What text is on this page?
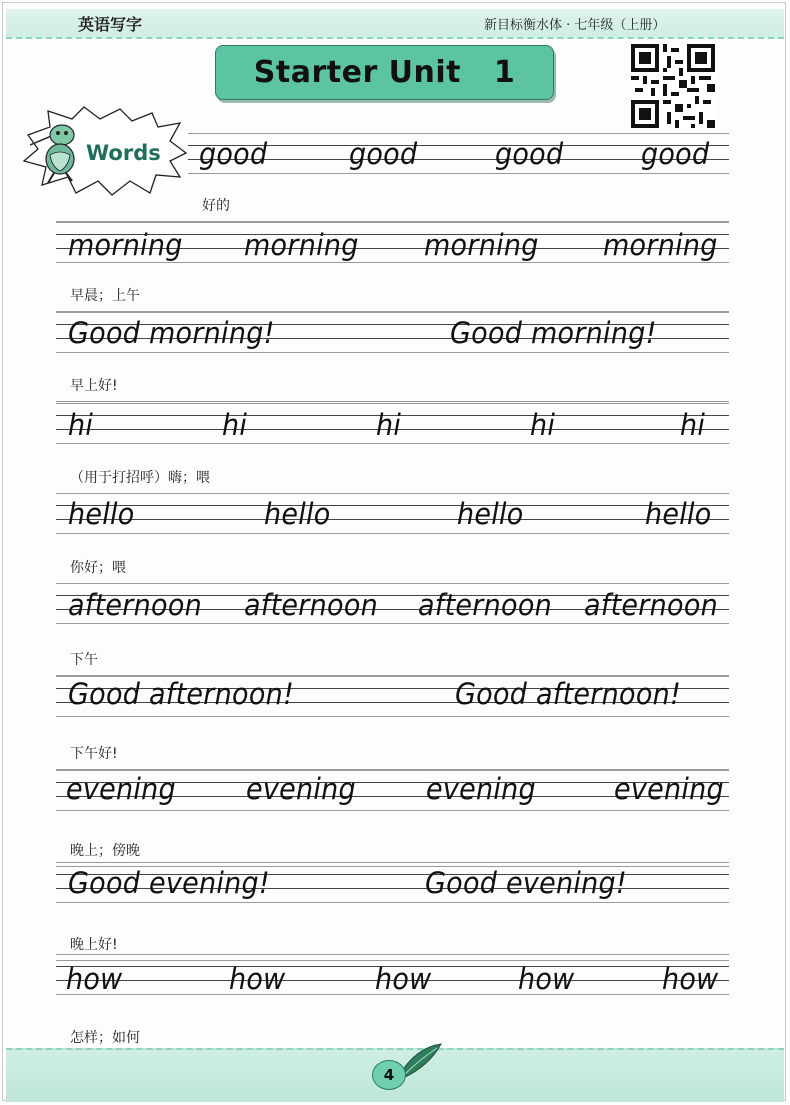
英语写字	新目标衡水体 · 七年级（上册）
Starter Unit   1
Words good	good	good	good
好的
morning morning morning morning
早晨；上午
Good morning!	Good morning!
早上好!
hi	hi	hi	hi	hi
（用于打招呼）嗨；喂
hello	hello	hello	hello
你好；喂
afternoon afternoon afternoon afternoon
下午
Good afternoon!	Good afternoon!
下午好!
evening evening evening	evening
晚上；傍晚
Good evening!	Good evening!
晚上好!
how	how	how	how	how
怎样；如何
4
